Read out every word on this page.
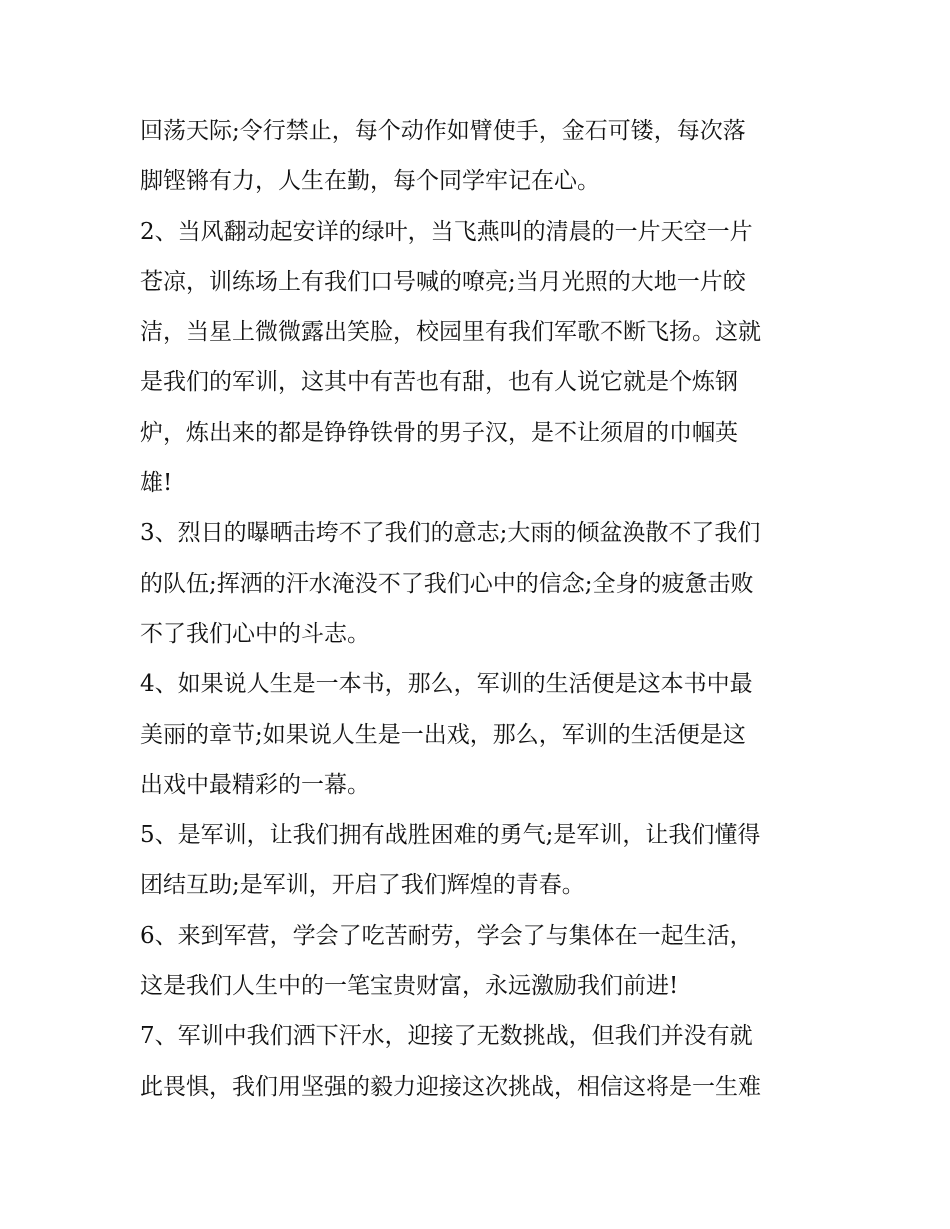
回荡天际;令行禁止，每个动作如臂使手，金石可镂，每次落
脚铿锵有力，人生在勤，每个同学牢记在心。

2、当风翻动起安详的绿叶，当飞燕叫的清晨的一片天空一片
苍凉，训练场上有我们口号喊的嘹亮;当月光照的大地一片皎
洁，当星上微微露出笑脸，校园里有我们军歌不断飞扬。这就
是我们的军训，这其中有苦也有甜，也有人说它就是个炼钢
炉，炼出来的都是铮铮铁骨的男子汉，是不让须眉的巾帼英
雄!

3、烈日的曝晒击垮不了我们的意志;大雨的倾盆涣散不了我们
的队伍;挥洒的汗水淹没不了我们心中的信念;全身的疲惫击败
不了我们心中的斗志。

4、如果说人生是一本书，那么，军训的生活便是这本书中最
美丽的章节;如果说人生是一出戏，那么，军训的生活便是这
出戏中最精彩的一幕。

5、是军训，让我们拥有战胜困难的勇气;是军训，让我们懂得
团结互助;是军训，开启了我们辉煌的青春。

6、来到军营，学会了吃苦耐劳，学会了与集体在一起生活，
这是我们人生中的一笔宝贵财富，永远激励我们前进!

7、军训中我们洒下汗水，迎接了无数挑战，但我们并没有就
此畏惧，我们用坚强的毅力迎接这次挑战，相信这将是一生难
